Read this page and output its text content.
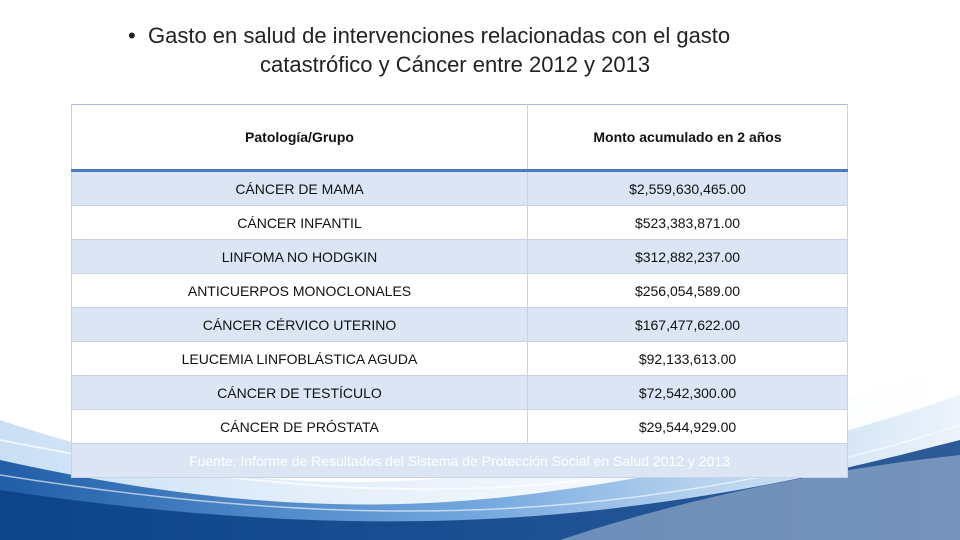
• Gasto en salud de intervenciones relacionadas con el gasto
catastrófico y Cáncer entre 2012 y 2013
Patología/Grupo	Monto acumulado en 2 años
CÁNCER DE MAMA	$2,559,630,465.00
CÁNCER INFANTIL	$523,383,871.00
LINFOMA NO HODGKIN	$312,882,237.00
ANTICUERPOS MONOCLONALES	$256,054,589.00
CÁNCER CÉRVICO UTERINO	$167,477,622.00
LEUCEMIA LINFOBLÁSTICA AGUDA	$92,133,613.00
CÁNCER DE TESTÍCULO	$72,542,300.00
CÁNCER DE PRÓSTATA	$29,544,929.00
Fuente: Informe de Resultados del Sistema de Protección Social en Salud 2012 y 2013	
